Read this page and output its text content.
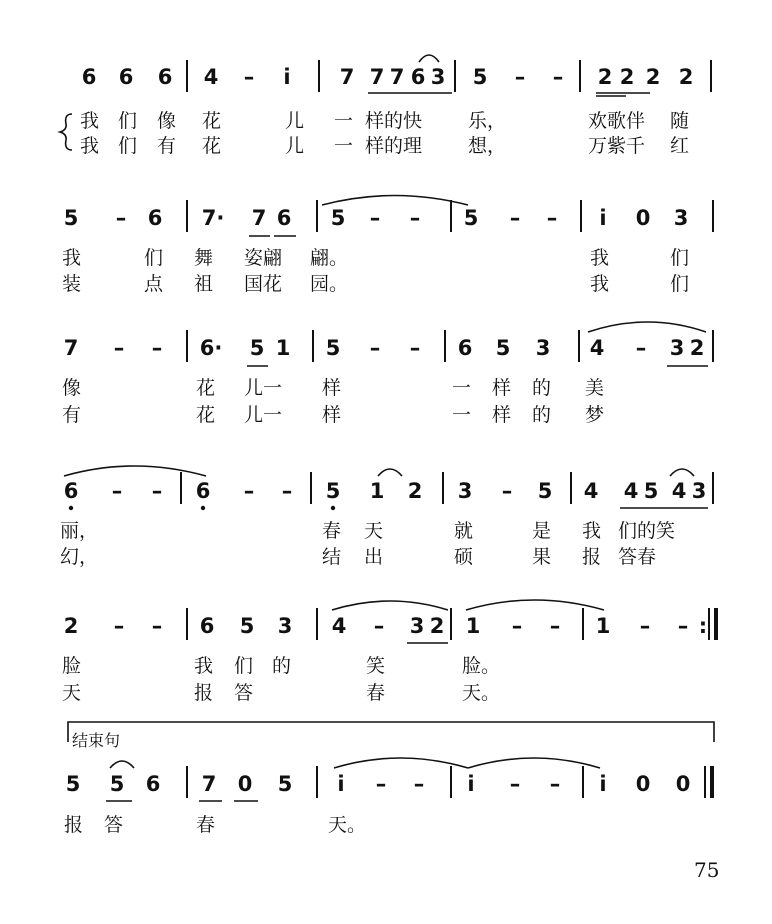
6 6 6 4	–	i	7 7 7 6 3 5	–	–	2 2 2 2
我 们 像 花	儿 一 样的快 乐，	欢歌伴 随
我 们 有 花	儿 一 样的理 想，	万紫千 红
5	–	6 7· 7 6 5	–	–	5	–	–	i	0 3
我	们 舞 姿翩 翩。	我	们
装	点 祖 国花 园。	我	们
7	–	–	6· 5 1 5	–	–	6 5 3 4	–	3 2
像	花 儿一 样	一 样 的 美
有	花 儿一 样	一 样 的 梦
6	–	–	6	–	–	5 1 2 3	–	5 4 4 5 4 3
丽，	春 天	就	是 我 们的笑
幻，	结 出	硕	果 报 答春
2	–	–	6 5 3 4	–	3 2 1	–	–	1	–	– :
脸	我 们 的	笑	脸。
天	报 答	春	天。
结束句
5 5 6 7 0 5	i	–	–	i	–	–	i	0 0
报 答	春	天。
75
